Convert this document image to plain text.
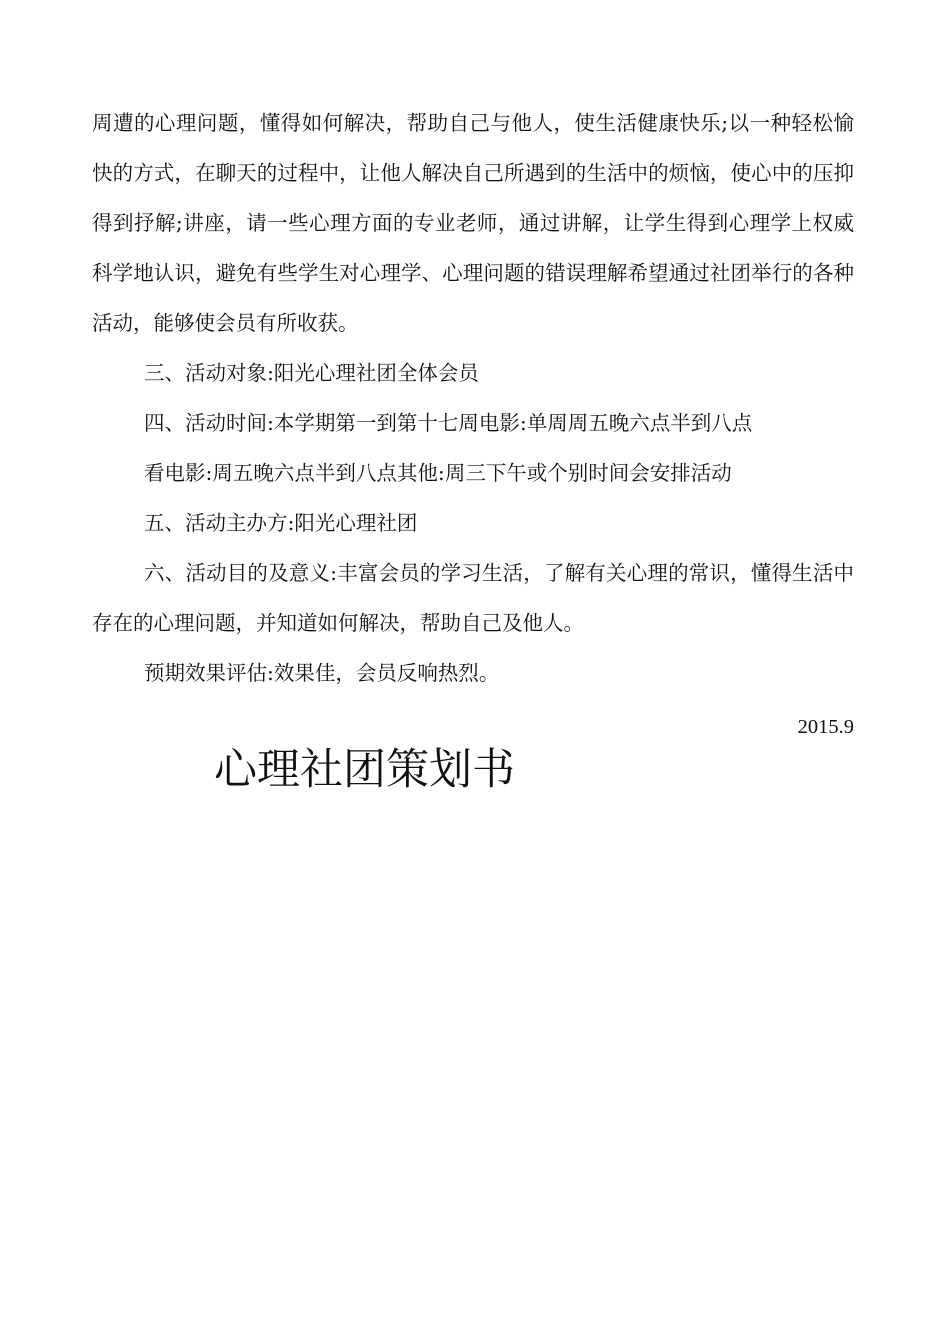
周遭的心理问题，懂得如何解决，帮助自己与他人，使生活健康快乐;以一种轻松愉快的方式，在聊天的过程中，让他人解决自己所遇到的生活中的烦恼，使心中的压抑得到抒解;讲座，请一些心理方面的专业老师，通过讲解，让学生得到心理学上权威科学地认识，避免有些学生对心理学、心理问题的错误理解希望通过社团举行的各种活动，能够使会员有所收获。

三、活动对象:阳光心理社团全体会员

四、活动时间:本学期第一到第十七周电影:单周周五晚六点半到八点

看电影:周五晚六点半到八点其他:周三下午或个别时间会安排活动

五、活动主办方:阳光心理社团

六、活动目的及意义:丰富会员的学习生活，了解有关心理的常识，懂得生活中存在的心理问题，并知道如何解决，帮助自己及他人。

预期效果评估:效果佳，会员反响热烈。

2015.9
心理社团策划书
